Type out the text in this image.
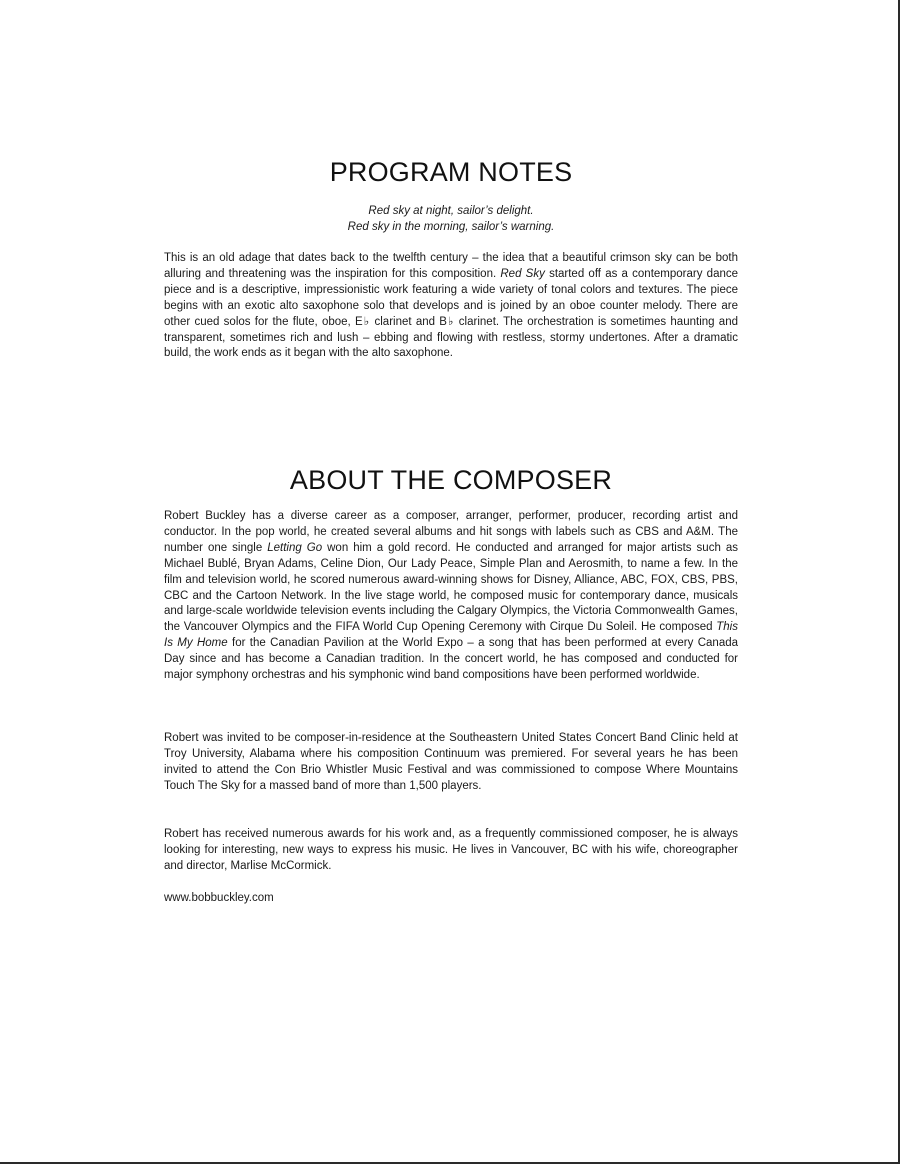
PROGRAM NOTES
Red sky at night, sailor’s delight.
Red sky in the morning, sailor’s warning.

This is an old adage that dates back to the twelfth century – the idea that a beautiful crimson sky can be both alluring and threatening was the inspiration for this composition. Red Sky started off as a contemporary dance piece and is a descriptive, impressionistic work featuring a wide variety of tonal colors and textures. The piece begins with an exotic alto saxophone solo that develops and is joined by an oboe counter melody. There are other cued solos for the flute, oboe, E♭ clarinet and B♭ clarinet. The orchestration is sometimes haunting and transparent, sometimes rich and lush – ebbing and flowing with restless, stormy undertones. After a dramatic build, the work ends as it began with the alto saxophone.

ABOUT THE COMPOSER

Robert Buckley has a diverse career as a composer, arranger, performer, producer, recording artist and conductor. In the pop world, he created several albums and hit songs with labels such as CBS and A&M. The number one single Letting Go won him a gold record. He conducted and arranged for major artists such as Michael Bublé, Bryan Adams, Celine Dion, Our Lady Peace, Simple Plan and Aerosmith, to name a few. In the film and television world, he scored numerous award-winning shows for Disney, Alliance, ABC, FOX, CBS, PBS, CBC and the Cartoon Network. In the live stage world, he composed music for contemporary dance, musicals and large-scale worldwide television events including the Calgary Olympics, the Victoria Commonwealth Games, the Vancouver Olympics and the FIFA World Cup Opening Ceremony with Cirque Du Soleil. He composed This Is My Home for the Canadian Pavilion at the World Expo – a song that has been performed at every Canada Day since and has become a Canadian tradition. In the concert world, he has composed and conducted for major symphony orchestras and his symphonic wind band compositions have been performed worldwide.

Robert was invited to be composer-in-residence at the Southeastern United States Concert Band Clinic held at Troy University, Alabama where his composition Continuum was premiered. For several years he has been invited to attend the Con Brio Whistler Music Festival and was commissioned to compose Where Mountains Touch The Sky for a massed band of more than 1,500 players.

Robert has received numerous awards for his work and, as a frequently commissioned composer, he is always looking for interesting, new ways to express his music. He lives in Vancouver, BC with his wife, choreographer and director, Marlise McCormick.

www.bobbuckley.com
